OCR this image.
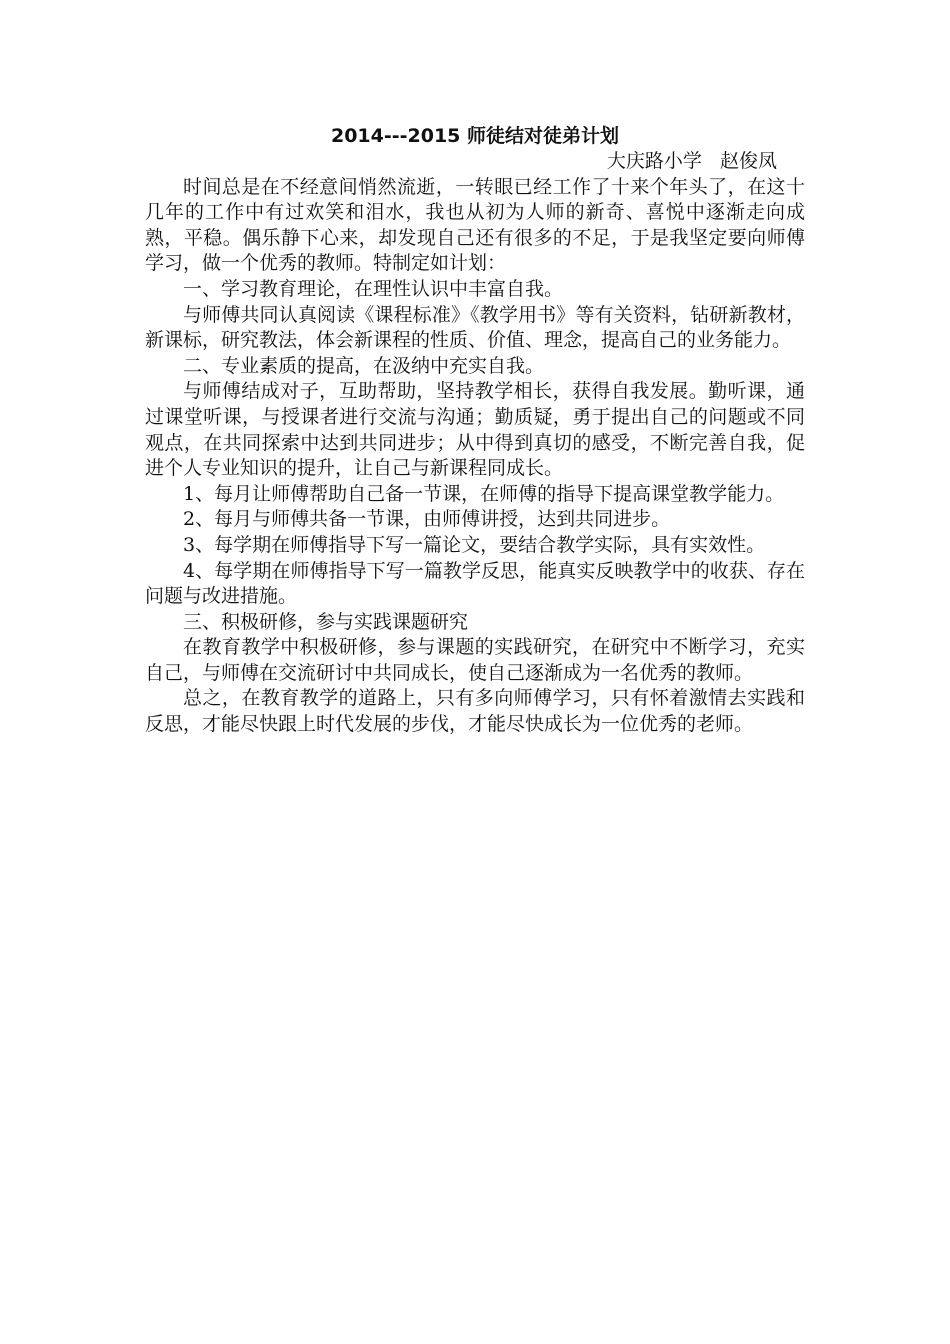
2014---2015 师徒结对徒弟计划

大庆路小学   赵俊凤

时间总是在不经意间悄然流逝，一转眼已经工作了十来个年头了，在这十几年的工作中有过欢笑和泪水，我也从初为人师的新奇、喜悦中逐渐走向成熟，平稳。偶乐静下心来，却发现自己还有很多的不足，于是我坚定要向师傅学习，做一个优秀的教师。特制定如计划：

一、学习教育理论，在理性认识中丰富自我。

与师傅共同认真阅读《课程标准》《教学用书》等有关资料，钻研新教材，新课标，研究教法，体会新课程的性质、价值、理念，提高自己的业务能力。

二、专业素质的提高，在汲纳中充实自我。

与师傅结成对子，互助帮助，坚持教学相长，获得自我发展。勤听课，通过课堂听课，与授课者进行交流与沟通；勤质疑，勇于提出自己的问题或不同观点，在共同探索中达到共同进步；从中得到真切的感受，不断完善自我，促进个人专业知识的提升，让自己与新课程同成长。

1、每月让师傅帮助自己备一节课，在师傅的指导下提高课堂教学能力。

2、每月与师傅共备一节课，由师傅讲授，达到共同进步。

3、每学期在师傅指导下写一篇论文，要结合教学实际，具有实效性。

4、每学期在师傅指导下写一篇教学反思，能真实反映教学中的收获、存在问题与改进措施。

三、积极研修，参与实践课题研究

在教育教学中积极研修，参与课题的实践研究，在研究中不断学习，充实自己，与师傅在交流研讨中共同成长，使自己逐渐成为一名优秀的教师。

总之，在教育教学的道路上，只有多向师傅学习，只有怀着激情去实践和反思，才能尽快跟上时代发展的步伐，才能尽快成长为一位优秀的老师。
